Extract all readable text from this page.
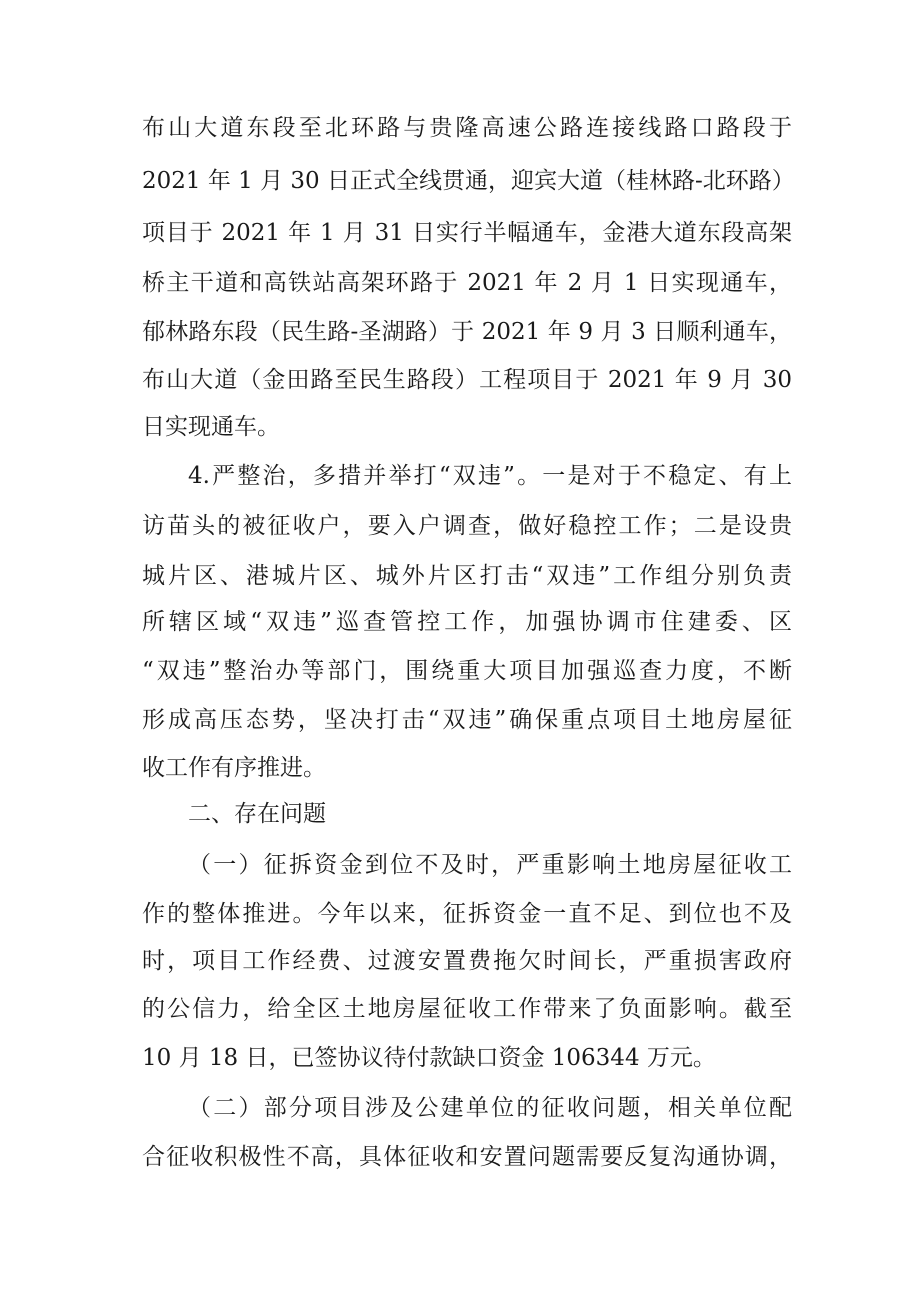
布山大道东段至北环路与贵隆高速公路连接线路口路段于
2021 年 1 月 30 日正式全线贯通，迎宾大道（桂林路-北环路）
项目于 2021 年 1 月 31 日实行半幅通车，金港大道东段高架
桥主干道和高铁站高架环路于 2021 年 2 月 1 日实现通车，
郁林路东段（民生路-圣湖路）于 2021 年 9 月 3 日顺利通车，
布山大道（金田路至民生路段）工程项目于 2021 年 9 月 30
日实现通车。
4.严整治，多措并举打“双违”。一是对于不稳定、有上
访苗头的被征收户，要入户调查，做好稳控工作；二是设贵
城片区、港城片区、城外片区打击“双违”工作组分别负责
所辖区域“双违”巡查管控工作，加强协调市住建委、区
“双违”整治办等部门，围绕重大项目加强巡查力度，不断
形成高压态势，坚决打击“双违”确保重点项目土地房屋征
收工作有序推进。
二、存在问题
（一）征拆资金到位不及时，严重影响土地房屋征收工
作的整体推进。今年以来，征拆资金一直不足、到位也不及
时，项目工作经费、过渡安置费拖欠时间长，严重损害政府
的公信力，给全区土地房屋征收工作带来了负面影响。截至
10 月 18 日，已签协议待付款缺口资金 106344 万元。
（二）部分项目涉及公建单位的征收问题，相关单位配
合征收积极性不高，具体征收和安置问题需要反复沟通协调，
